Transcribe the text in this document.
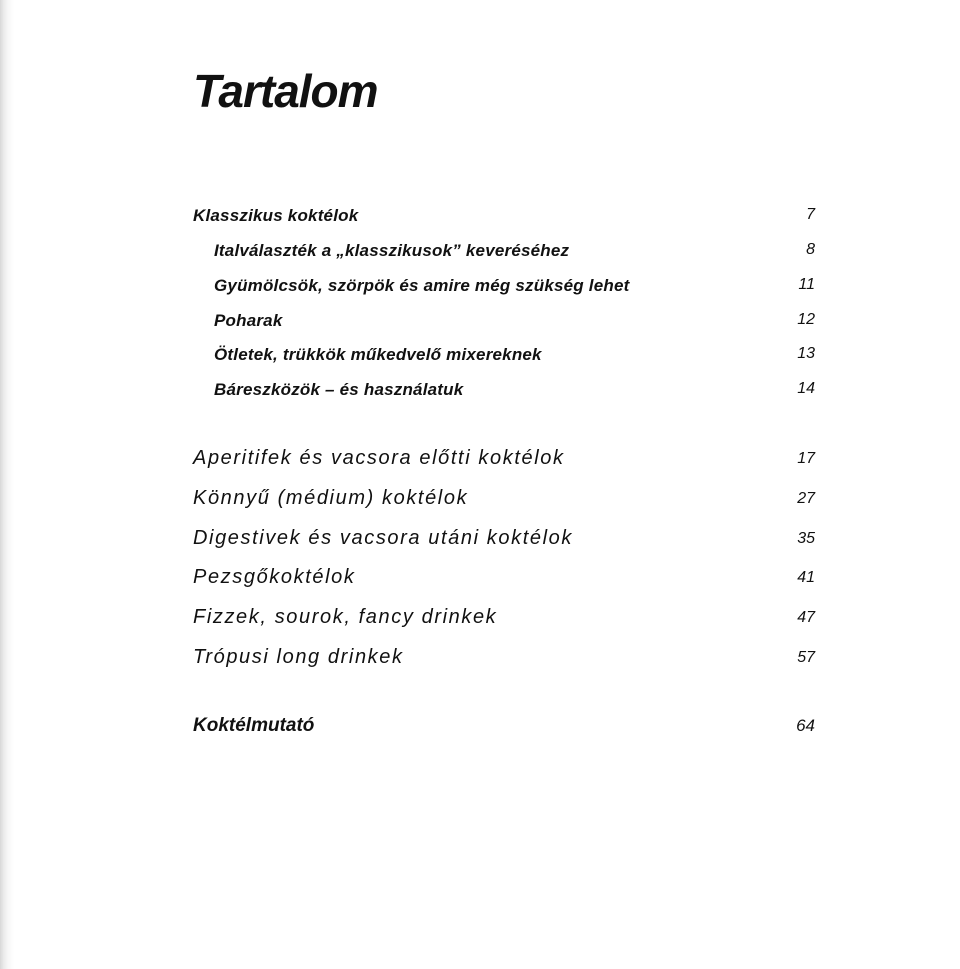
Tartalom
Klasszikus koktélok	7
Italválaszték a „klasszikusok” keveréséhez	8
Gyümölcsök, szörpök és amire még szükség lehet	11
Poharak	12
Ötletek, trükkök műkedvelő mixereknek	13
Báreszközök – és használatuk	14
Aperitifek és vacsora előtti koktélok	17
Könnyű (médium) koktélok	27
Digestivek és vacsora utáni koktélok	35
Pezsgőkoktélok	41
Fizzek, sourok, fancy drinkek	47
Trópusi long drinkek	57
Koktélmutató	64
